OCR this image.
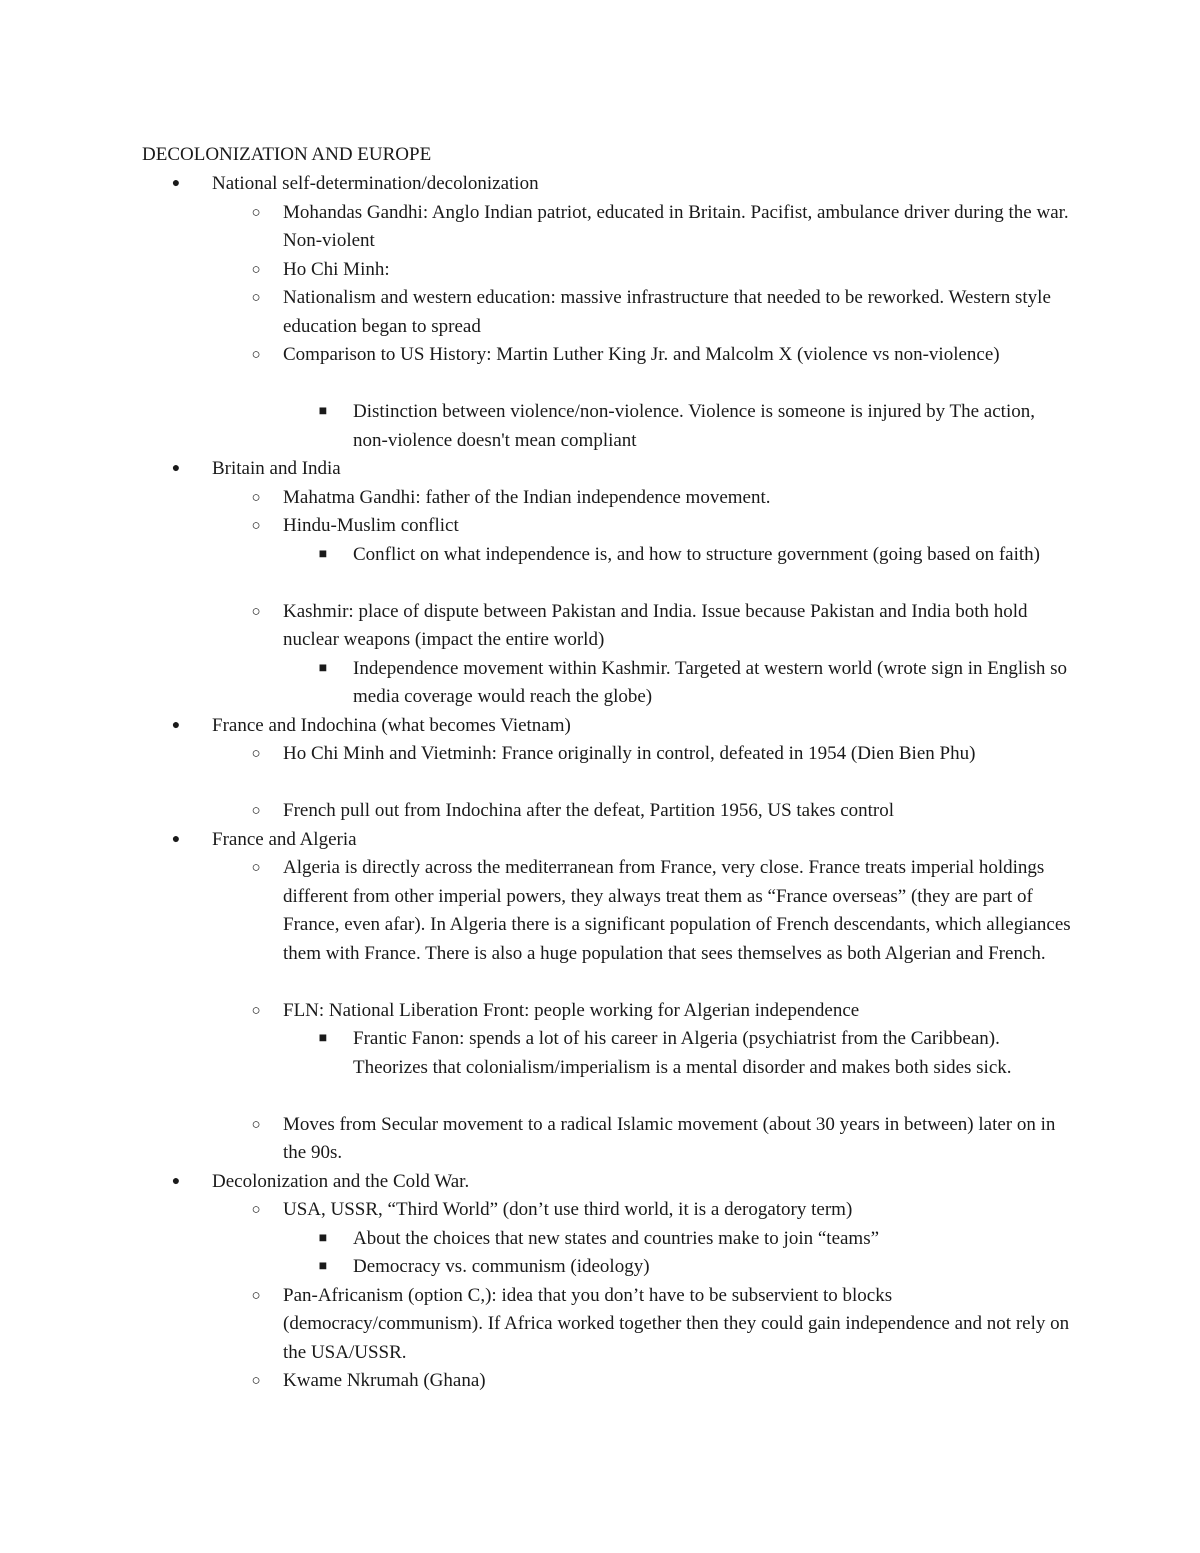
DECOLONIZATION AND EUROPE
●	National self-determination/decolonization
○ Mohandas Gandhi: Anglo Indian patriot, educated in Britain. Pacifist, ambulance driver during the war. Non-violent
○ Ho Chi Minh:
○ Nationalism and western education: massive infrastructure that needed to be reworked. Western style education began to spread
○ Comparison to US History: Martin Luther King Jr. and Malcolm X (violence vs non-violence)
■	Distinction between violence/non-violence. Violence is someone is injured by The action, non-violence doesn't mean compliant
●	Britain and India
○ Mahatma Gandhi: father of the Indian independence movement.
○ Hindu-Muslim conflict
■	Conflict on what independence is, and how to structure government (going based on faith)
○ Kashmir: place of dispute between Pakistan and India. Issue because Pakistan and India both hold nuclear weapons (impact the entire world)
■	Independence movement within Kashmir. Targeted at western world (wrote sign in English so media coverage would reach the globe)
●	France and Indochina (what becomes Vietnam)
○ Ho Chi Minh and Vietminh: France originally in control, defeated in 1954 (Dien Bien Phu)
○ French pull out from Indochina after the defeat, Partition 1956, US takes control
●	France and Algeria
○ Algeria is directly across the mediterranean from France, very close. France treats imperial holdings different from other imperial powers, they always treat them as “France overseas” (they are part of France, even afar). In Algeria there is a significant population of French descendants, which allegiances them with France. There is also a huge population that sees themselves as both Algerian and French.
○ FLN: National Liberation Front: people working for Algerian independence
■	Frantic Fanon: spends a lot of his career in Algeria (psychiatrist from the Caribbean). Theorizes that colonialism/imperialism is a mental disorder and makes both sides sick.
○ Moves from Secular movement to a radical Islamic movement (about 30 years in between) later on in the 90s.
●	Decolonization and the Cold War.
○ USA, USSR, “Third World” (don’t use third world, it is a derogatory term)
■	About the choices that new states and countries make to join “teams”
■	Democracy vs. communism (ideology)
○ Pan-Africanism (option C,): idea that you don’t have to be subservient to blocks (democracy/communism). If Africa worked together then they could gain independence and not rely on the USA/USSR.
○ Kwame Nkrumah (Ghana)
